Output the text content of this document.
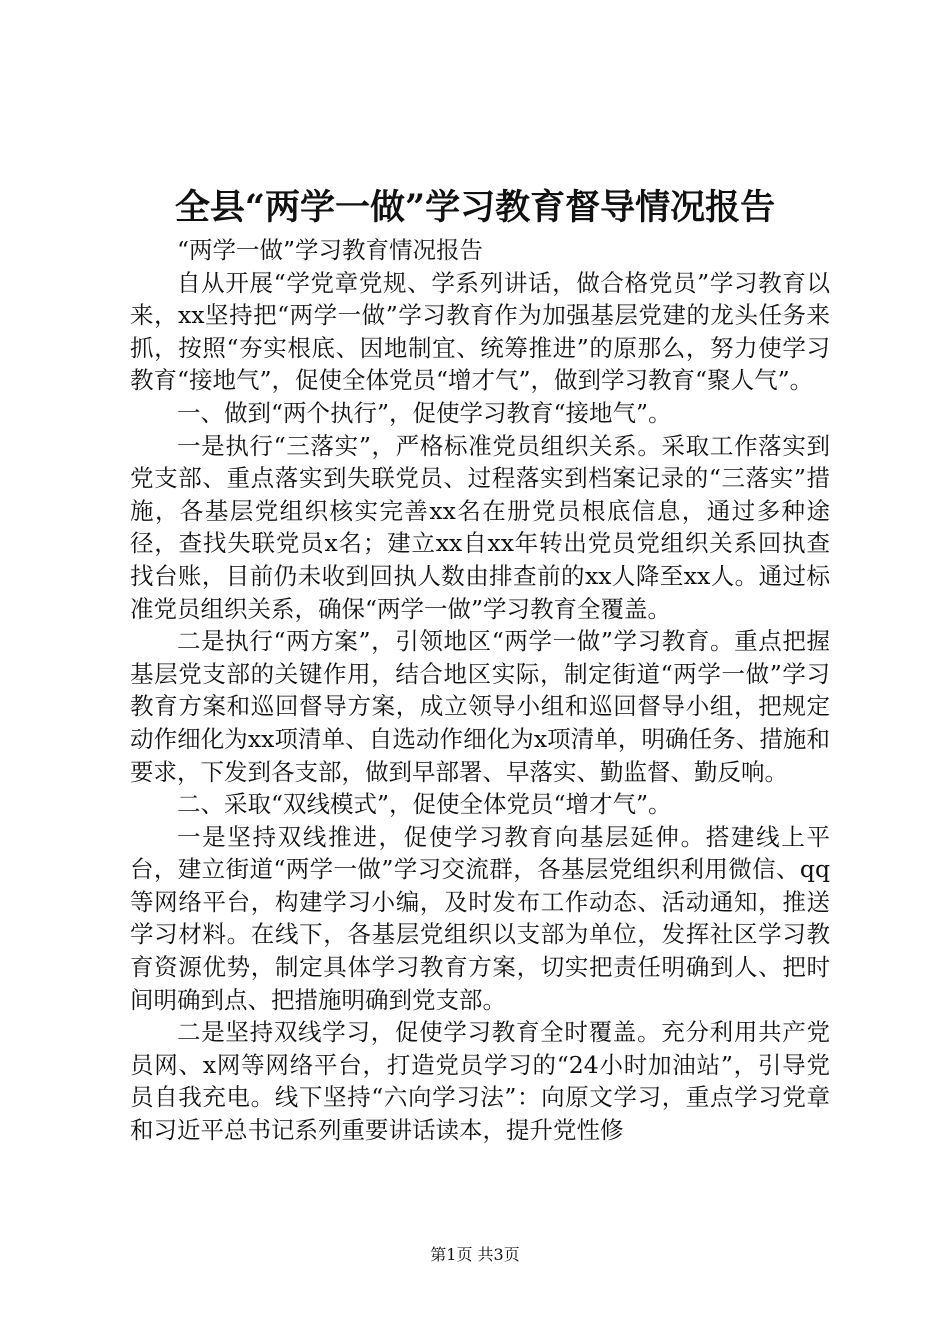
全县“两学一做”学习教育督导情况报告

“两学一做”学习教育情况报告

自从开展“学党章党规、学系列讲话，做合格党员”学习教育以来，xx坚持把“两学一做”学习教育作为加强基层党建的龙头任务来抓，按照“夯实根底、因地制宜、统筹推进”的原那么，努力使学习教育“接地气”，促使全体党员“增才气”，做到学习教育“聚人气”。

一、做到“两个执行”，促使学习教育“接地气”。

一是执行“三落实”，严格标准党员组织关系。采取工作落实到党支部、重点落实到失联党员、过程落实到档案记录的“三落实”措施，各基层党组织核实完善xx名在册党员根底信息，通过多种途径，查找失联党员x名；建立xx自xx年转出党员党组织关系回执查找台账，目前仍未收到回执人数由排查前的xx人降至xx人。通过标准党员组织关系，确保“两学一做”学习教育全覆盖。

二是执行“两方案”，引领地区“两学一做”学习教育。重点把握基层党支部的关键作用，结合地区实际，制定街道“两学一做”学习教育方案和巡回督导方案，成立领导小组和巡回督导小组，把规定动作细化为xx项清单、自选动作细化为x项清单，明确任务、措施和要求，下发到各支部，做到早部署、早落实、勤监督、勤反响。

二、采取“双线模式”，促使全体党员“增才气”。

一是坚持双线推进，促使学习教育向基层延伸。搭建线上平台，建立街道“两学一做”学习交流群，各基层党组织利用微信、qq等网络平台，构建学习小编，及时发布工作动态、活动通知，推送学习材料。在线下，各基层党组织以支部为单位，发挥社区学习教育资源优势，制定具体学习教育方案，切实把责任明确到人、把时间明确到点、把措施明确到党支部。

二是坚持双线学习，促使学习教育全时覆盖。充分利用共产党员网、x网等网络平台，打造党员学习的“24小时加油站”，引导党员自我充电。线下坚持“六向学习法”：向原文学习，重点学习党章和习近平总书记系列重要讲话读本，提升党性修

第1页 共3页
